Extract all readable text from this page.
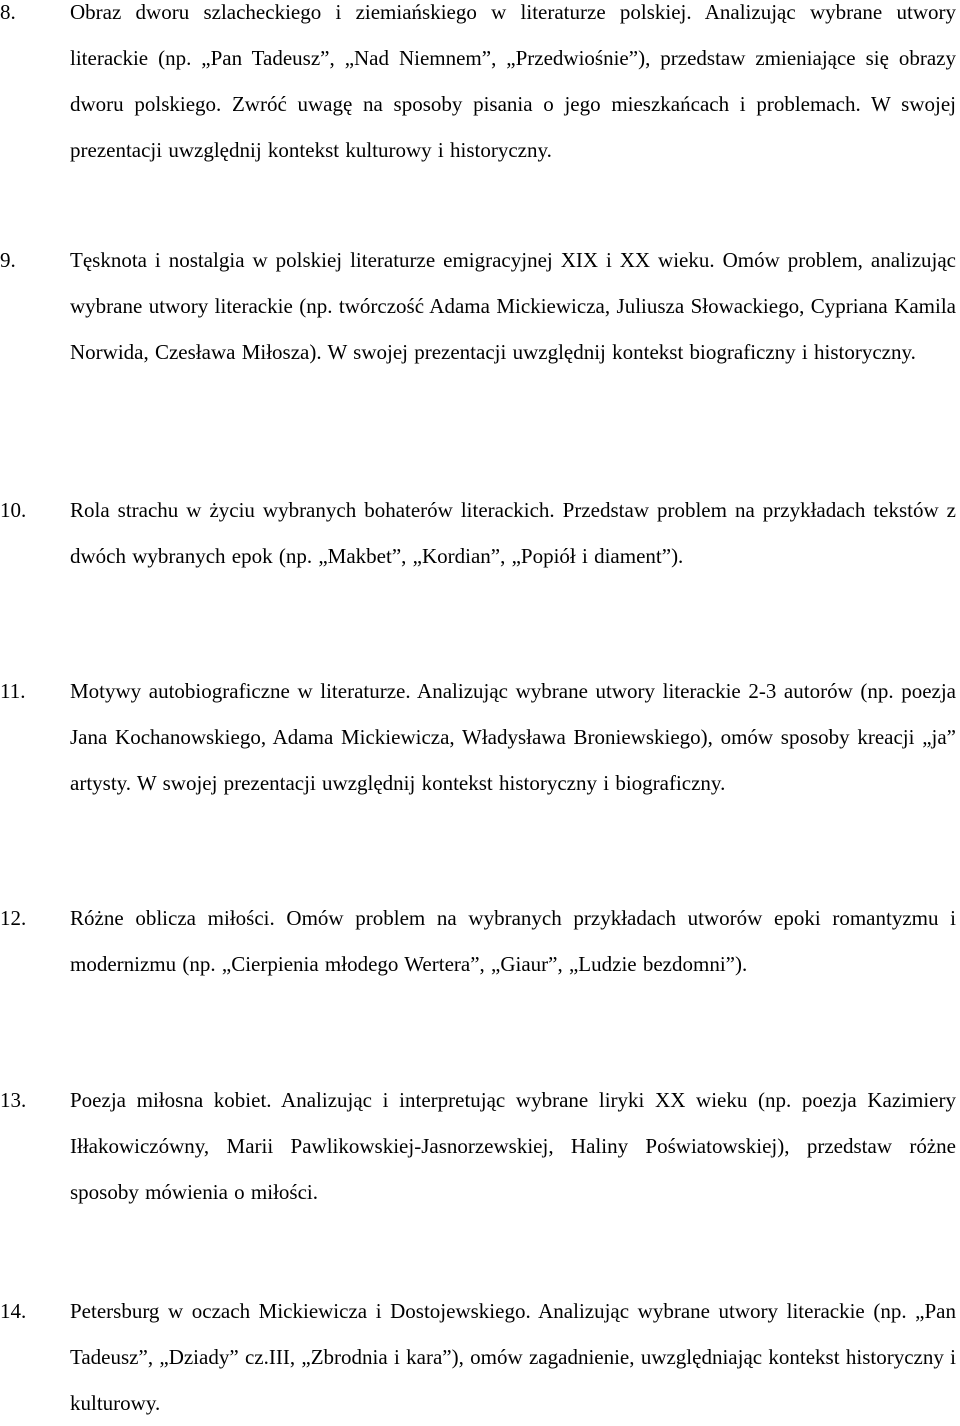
8.	Obraz dworu szlacheckiego i ziemiańskiego w literaturze polskiej. Analizując wybrane utwory literackie (np. „Pan Tadeusz”, „Nad Niemnem”, „Przedwiośnie”), przedstaw zmieniające się obrazy dworu polskiego. Zwróć uwagę na sposoby pisania o jego mieszkańcach i problemach. W swojej prezentacji uwzględnij kontekst kulturowy i historyczny.
9.	Tęsknota i nostalgia w polskiej literaturze emigracyjnej XIX i XX wieku. Omów problem, analizując wybrane utwory literackie (np. twórczość Adama Mickiewicza, Juliusza Słowackiego, Cypriana Kamila Norwida, Czesława Miłosza). W swojej prezentacji uwzględnij kontekst biograficzny i historyczny.
10. Rola strachu w życiu wybranych bohaterów literackich. Przedstaw problem na przykładach tekstów z dwóch wybranych epok (np. „Makbet”, „Kordian”, „Popiół i diament”).
11. Motywy autobiograficzne w literaturze. Analizując wybrane utwory literackie 2-3 autorów (np. poezja Jana Kochanowskiego, Adama Mickiewicza, Władysława Broniewskiego), omów sposoby kreacji „ja” artysty. W swojej prezentacji uwzględnij kontekst historyczny i biograficzny.
12. Różne oblicza miłości. Omów problem na wybranych przykładach utworów epoki romantyzmu i modernizmu (np. „Cierpienia młodego Wertera”, „Giaur”, „Ludzie bezdomni”).
13. Poezja miłosna kobiet. Analizując i interpretując wybrane liryki XX wieku (np. poezja Kazimiery Iłłakowiczówny, Marii Pawlikowskiej-Jasnorzewskiej, Haliny Poświatowskiej), przedstaw różne sposoby mówienia o miłości.
14. Petersburg w oczach Mickiewicza i Dostojewskiego. Analizując wybrane utwory literackie (np. „Pan Tadeusz”, „Dziady” cz.III, „Zbrodnia i kara”), omów zagadnienie, uwzględniając kontekst historyczny i kulturowy.
